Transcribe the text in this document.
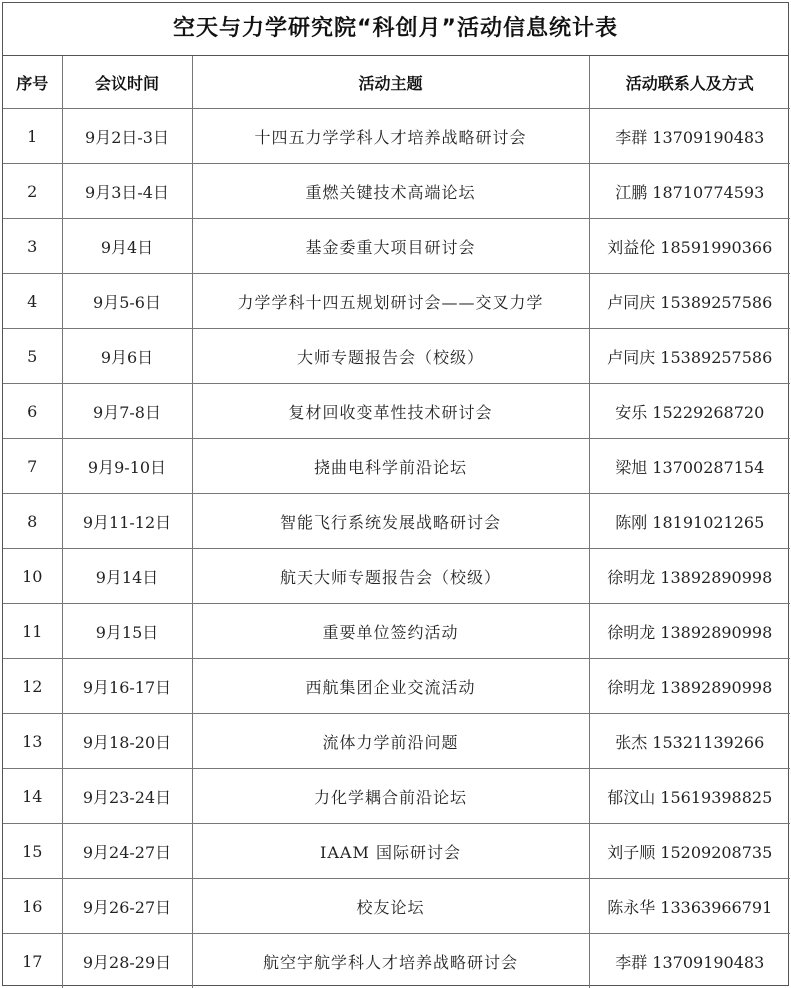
空天与力学研究院“科创月”活动信息统计表
序号	会议时间	活动主题	活动联系人及方式
1	9月2日-3日	十四五力学学科人才培养战略研讨会	李群 13709190483
2	9月3日-4日	重燃关键技术高端论坛	江鹏 18710774593
3	9月4日	基金委重大项目研讨会	刘益伦 18591990366
4	9月5-6日	力学学科十四五规划研讨会——交叉力学	卢同庆 15389257586
5	9月6日	大师专题报告会（校级）	卢同庆 15389257586
6	9月7-8日	复材回收变革性技术研讨会	安乐 15229268720
7	9月9-10日	挠曲电科学前沿论坛	梁旭 13700287154
8	9月11-12日	智能飞行系统发展战略研讨会	陈刚 18191021265
10	9月14日	航天大师专题报告会（校级）	徐明龙 13892890998
11	9月15日	重要单位签约活动	徐明龙 13892890998
12	9月16-17日	西航集团企业交流活动	徐明龙 13892890998
13	9月18-20日	流体力学前沿问题	张杰 15321139266
14	9月23-24日	力化学耦合前沿论坛	郁汶山 15619398825
15	9月24-27日	IAAM 国际研讨会	刘子顺 15209208735
16	9月26-27日	校友论坛	陈永华 13363966791
17	9月28-29日	航空宇航学科人才培养战略研讨会	李群 13709190483
